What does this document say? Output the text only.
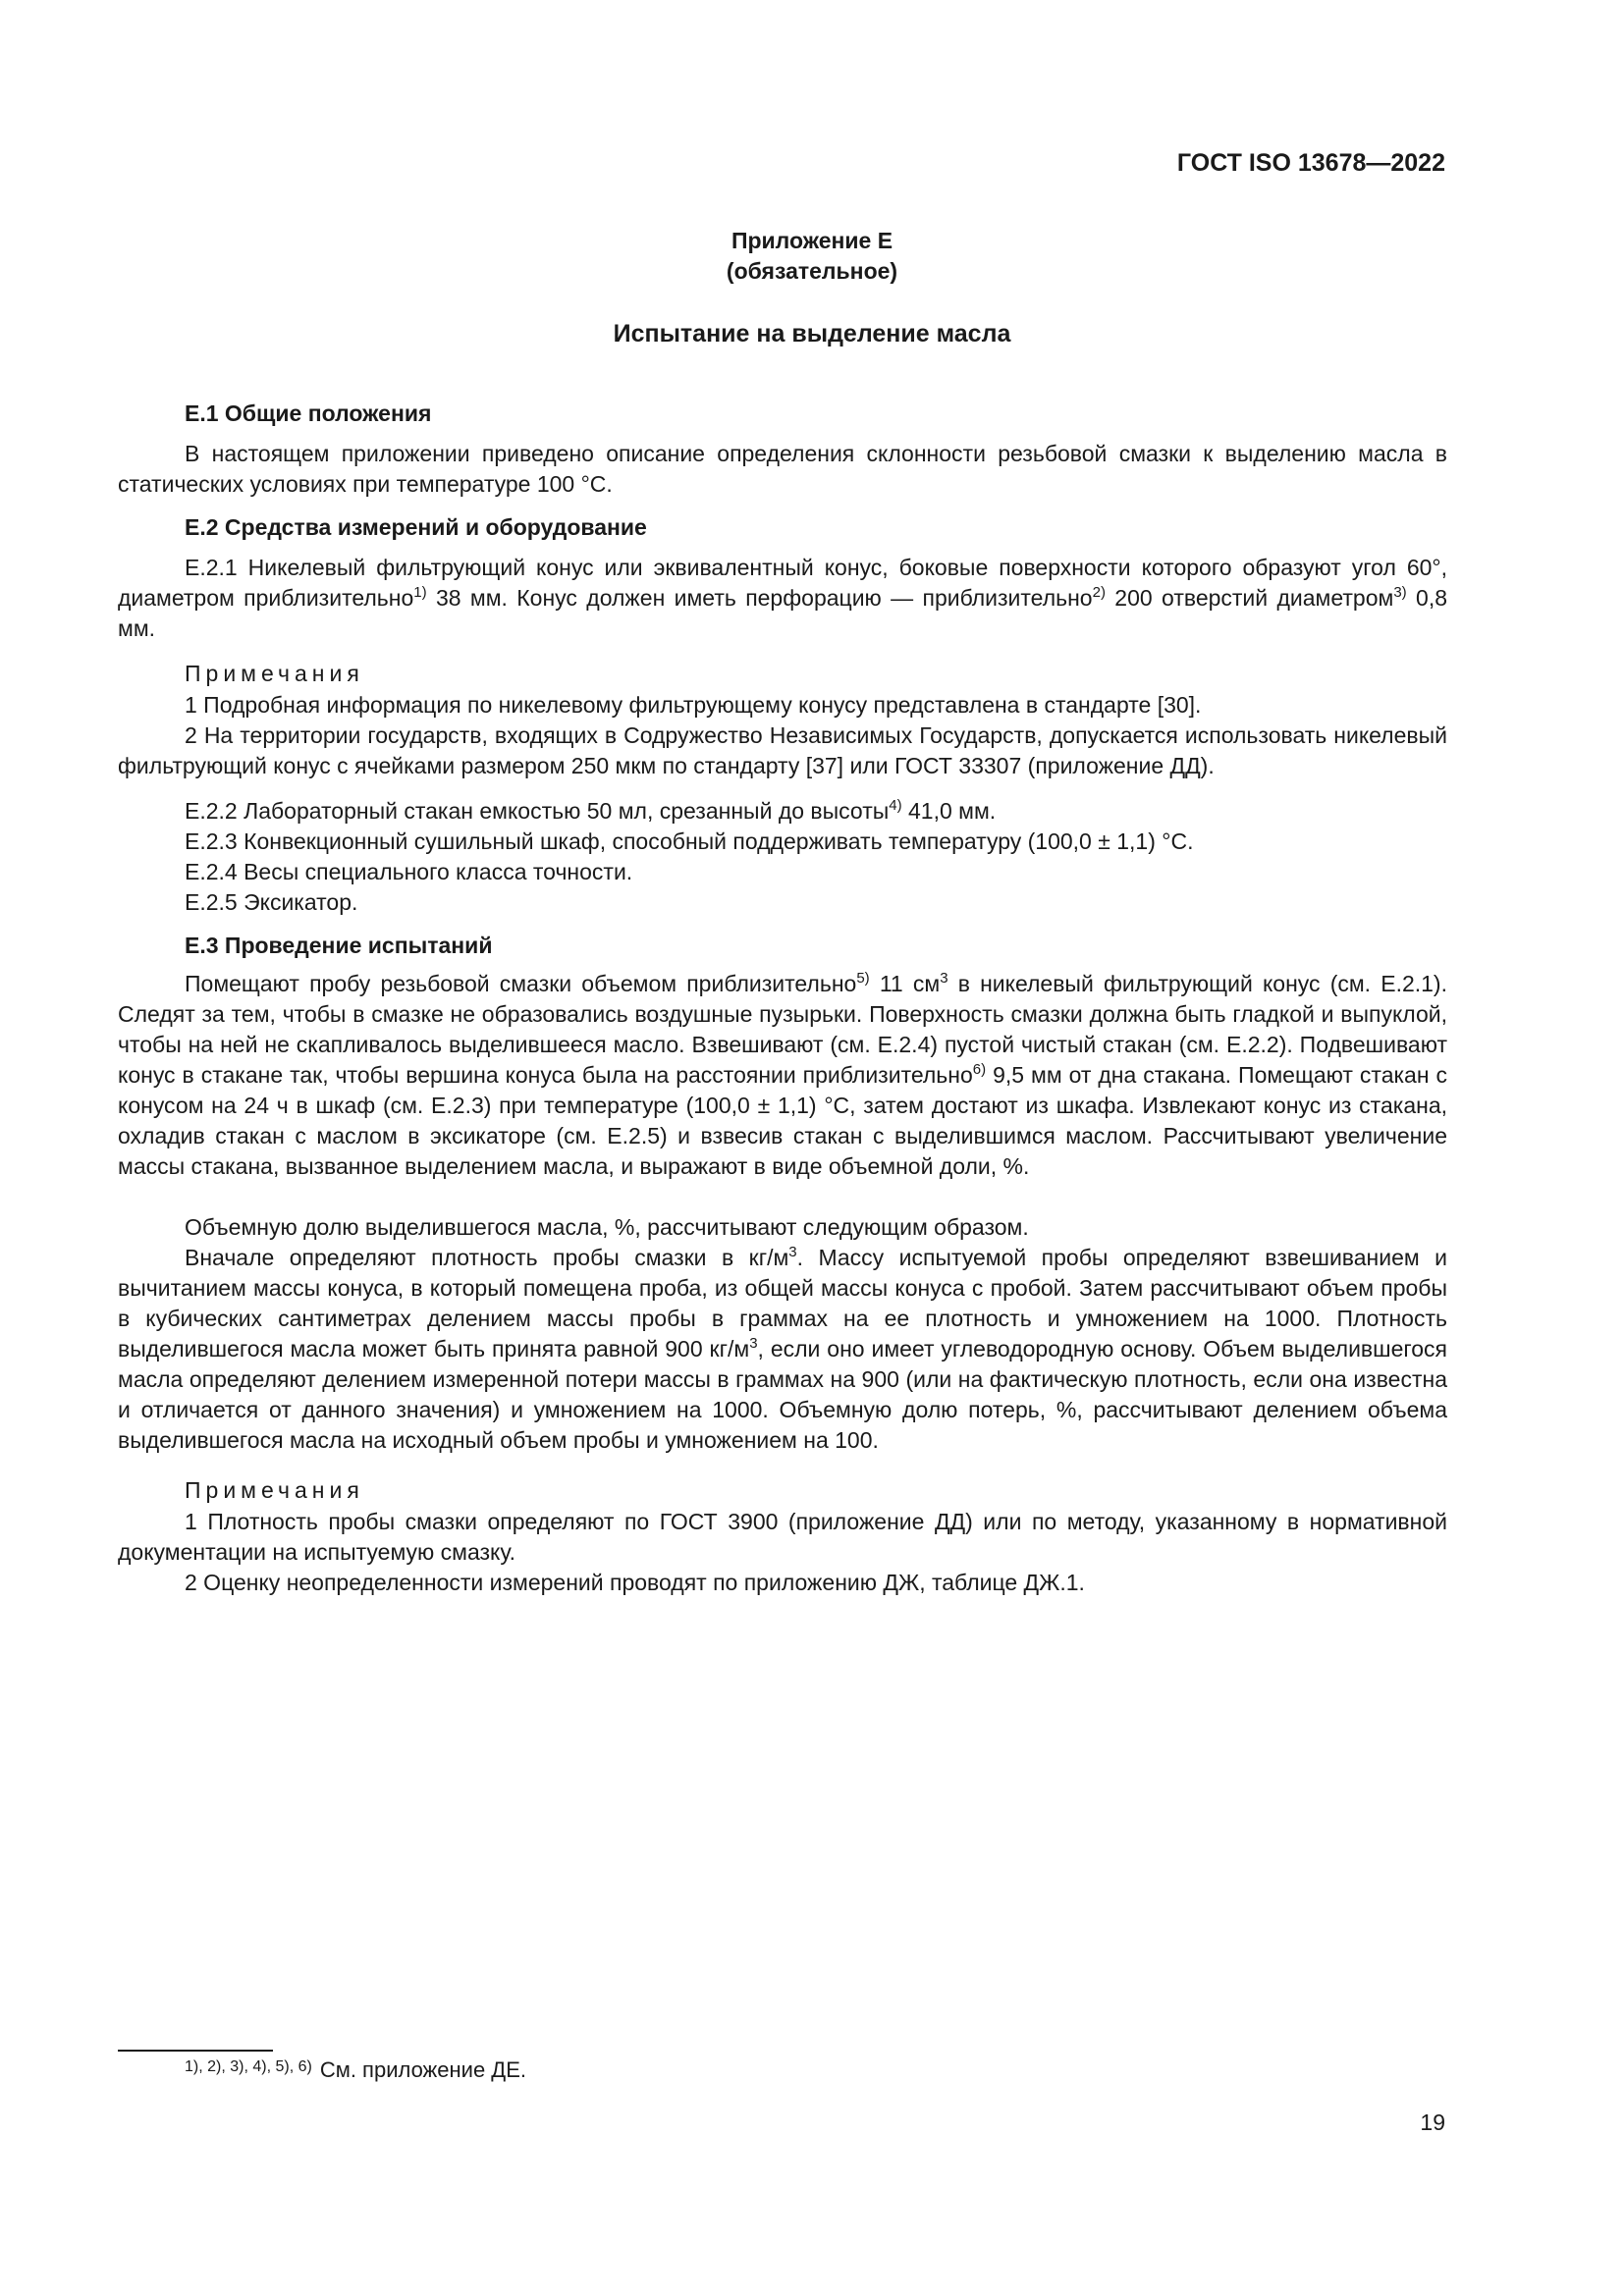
ГОСТ ISO 13678—2022
Приложение Е
(обязательное)
Испытание на выделение масла
Е.1 Общие положения

В настоящем приложении приведено описание определения склонности резьбовой смазки к выделению масла в статических условиях при температуре 100 °С.

Е.2 Средства измерений и оборудование

Е.2.1 Никелевый фильтрующий конус или эквивалентный конус, боковые поверхности которого образуют угол 60°, диаметром приблизительно$^{1)}$ 38 мм. Конус должен иметь перфорацию — приблизительно$^{2)}$ 200 отверстий диаметром$^{3)}$ 0,8 мм.

Примечания

1 Подробная информация по никелевому фильтрующему конусу представлена в стандарте [30].

2 На территории государств, входящих в Содружество Независимых Государств, допускается использовать никелевый фильтрующий конус с ячейками размером 250 мкм по стандарту [37] или ГОСТ 33307 (приложение ДД).

Е.2.2 Лабораторный стакан емкостью 50 мл, срезанный до высоты$^{4)}$ 41,0 мм.
Е.2.3 Конвекционный сушильный шкаф, способный поддерживать температуру (100,0 ± 1,1) °С.
Е.2.4 Весы специального класса точности.
Е.2.5 Эксикатор.
Е.3 Проведение испытаний

Помещают пробу резьбовой смазки объемом приблизительно$^{5)}$ 11 $см^3$ в никелевый фильтрующий конус (см. Е.2.1). Следят за тем, чтобы в смазке не образовались воздушные пузырьки. Поверхность смазки должна быть гладкой и выпуклой, чтобы на ней не скапливалось выделившееся масло. Взвешивают (см. Е.2.4) пустой чистый стакан (см. Е.2.2). Подвешивают конус в стакане так, чтобы вершина конуса была на расстоянии приблизительно$^{6)}$ 9,5 мм от дна стакана. Помещают стакан с конусом на 24 ч в шкаф (см. Е.2.3) при температуре (100,0 ± 1,1) °С, затем достают из шкафа. Извлекают конус из стакана, охладив стакан с маслом в эксикаторе (см. Е.2.5) и взвесив стакан с выделившимся маслом. Рассчитывают увеличение массы стакана, вызванное выделением масла, и выражают в виде объемной доли, %.

Объемную долю выделившегося масла, %, рассчитывают следующим образом.

Вначале определяют плотность пробы смазки в $кг/м^3$. Массу испытуемой пробы определяют взвешиванием и вычитанием массы конуса, в который помещена проба, из общей массы конуса с пробой. Затем рассчитывают объем пробы в кубических сантиметрах делением массы пробы в граммах на ее плотность и умножением на 1000. Плотность выделившегося масла может быть принята равной 900 $кг/м^3$, если оно имеет углеводородную основу. Объем выделившегося масла определяют делением измеренной потери массы в граммах на 900 (или на фактическую плотность, если она известна и отличается от данного значения) и умножением на 1000. Объемную долю потерь, %, рассчитывают делением объема выделившегося масла на исходный объем пробы и умножением на 100.

Примечания

1 Плотность пробы смазки определяют по ГОСТ 3900 (приложение ДД) или по методу, указанному в нормативной документации на испытуемую смазку.

2 Оценку неопределенности измерений проводят по приложению ДЖ, таблице ДЖ.1.

$^{1), 2), 3), 4), 5), 6)}$ См. приложение ДЕ.
19
